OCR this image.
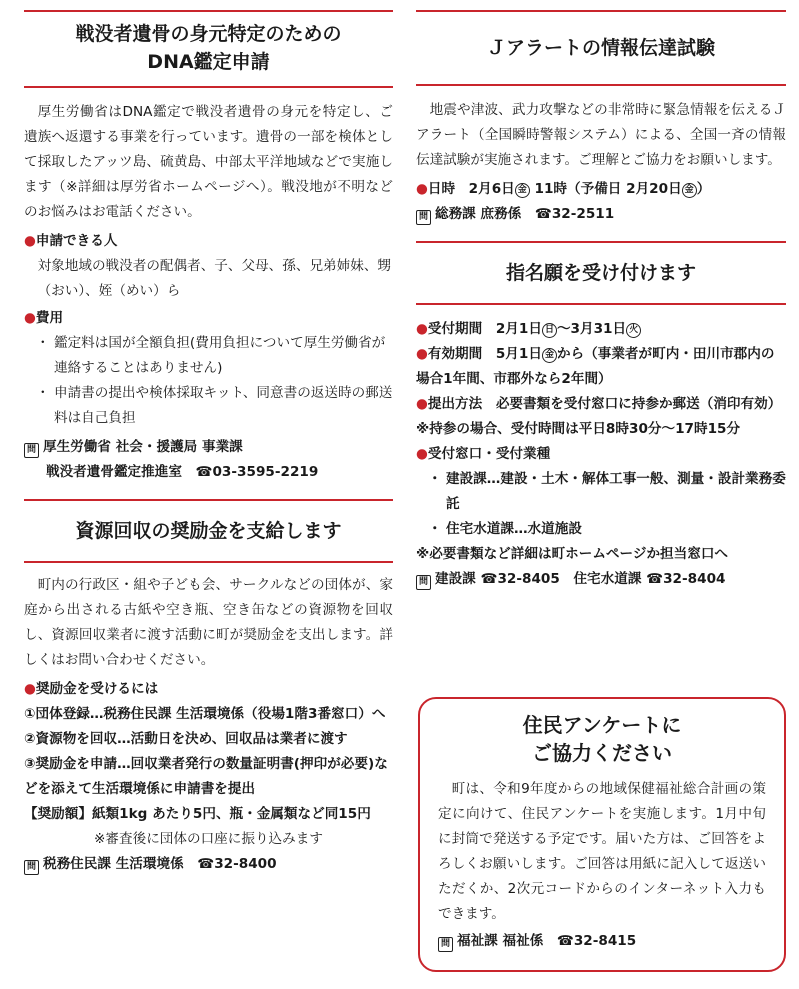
戦没者遺骨の身元特定のための
DNA鑑定申請
厚生労働省はDNA鑑定で戦没者遺骨の身元を特定し、ご遺族へ返還する事業を行っています。遺骨の一部を検体として採取したアッツ島、硫黄島、中部太平洋地域などで実施します（※詳細は厚労省ホームページへ）。戦没地が不明などのお悩みはお電話ください。
●申請できる人
対象地域の戦没者の配偶者、子、父母、孫、兄弟姉妹、甥（おい）、姪（めい）ら
●費用
・ 鑑定料は国が全額負担(費用負担について厚生労働省が連絡することはありません)
・ 申請書の提出や検体採取キット、同意書の返送時の郵送料は自己負担
問 厚生労働省 社会・援護局 事業課
戦没者遺骨鑑定推進室　 ☎03-3595-2219
資源回収の奨励金を支給します
町内の行政区・組や子ども会、サークルなどの団体が、家庭から出される古紙や空き瓶、空き缶などの資源物を回収し、資源回収業者に渡す活動に町が奨励金を支出します。詳しくはお問い合わせください。
●奨励金を受けるには
①団体登録…税務住民課 生活環境係（役場1階3番窓口）へ
②資源物を回収…活動日を決め、回収品は業者に渡す
③奨励金を申請…回収業者発行の数量証明書(押印が必要)などを添えて生活環境係に申請書を提出
【奨励額】紙類1kg あたり5円、瓶・金属類など同15円
※審査後に団体の口座に振り込みます
問 税務住民課 生活環境係　 ☎32-8400
Ｊアラートの情報伝達試験
地震や津波、武力攻撃などの非常時に緊急情報を伝えるＪアラート（全国瞬時警報システム）による、全国一斉の情報伝達試験が実施されます。ご理解とご協力をお願いします。
●日時　 2月6日 金 11時（予備日 2月20日 金 ）
問 総務課 庶務係　 ☎32-2511
指名願を受け付けます
●受付期間　 2月1日 日 ～3月31日 火
●有効期間　 5月1日 金 から（事業者が町内・田川市郡内の場合1年間、市郡外なら2年間）
●提出方法　 必要書類を受付窓口に持参か郵送（消印有効）
※持参の場合、受付時間は平日8時30分～17時15分
●受付窓口・受付業種
・ 建設課…建設・土木・解体工事一般、測量・設計業務委託
・ 住宅水道課…水道施設
※必要書類など詳細は町ホームページか担当窓口へ
問 建設課 ☎32-8405　 住宅水道課 ☎32-8404
住民アンケートに
ご協力ください
町は、令和9年度からの地域保健福祉総合計画の策定に向けて、住民アンケートを実施します。1月中旬に封筒で発送する予定です。届いた方は、ご回答をよろしくお願いします。ご回答は用紙に記入して返送いただくか、2次元コードからのインターネット入力もできます。
問 福祉課 福祉係　 ☎32-8415
